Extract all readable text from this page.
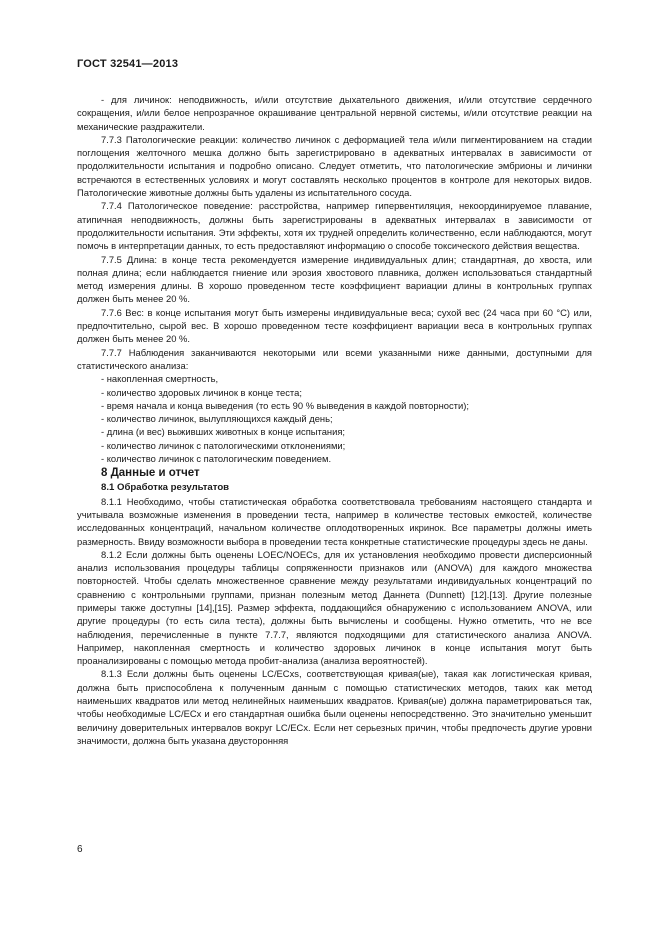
ГОСТ 32541—2013

- для личинок: неподвижность, и/или отсутствие дыхательного движения, и/или отсутствие сердечного сокращения, и/или белое непрозрачное окрашивание центральной нервной системы, и/или отсутствие реакции на механические раздражители.

7.7.3 Патологические реакции: количество личинок с деформацией тела и/или пигментированием на стадии поглощения желточного мешка должно быть зарегистрировано в адекватных интервалах в зависимости от продолжительности испытания и подробно описано. Следует отметить, что патологические эмбрионы и личинки встречаются в естественных условиях и могут составлять несколько процентов в контроле для некоторых видов. Патологические животные должны быть удалены из испытательного сосуда.

7.7.4 Патологическое поведение: расстройства, например гипервентиляция, некоординируемое плавание, атипичная неподвижность, должны быть зарегистрированы в адекватных интервалах в зависимости от продолжительности испытания. Эти эффекты, хотя их трудней определить количественно, если наблюдаются, могут помочь в интерпретации данных, то есть предоставляют информацию о способе токсического действия вещества.

7.7.5 Длина: в конце теста рекомендуется измерение индивидуальных длин; стандартная, до хвоста, или полная длина; если наблюдается гниение или эрозия хвостового плавника, должен использоваться стандартный метод измерения длины. В хорошо проведенном тесте коэффициент вариации длины в контрольных группах должен быть менее 20 %.

7.7.6 Вес: в конце испытания могут быть измерены индивидуальные веса; сухой вес (24 часа при 60 °С) или, предпочтительно, сырой вес. В хорошо проведенном тесте коэффициент вариации веса в контрольных группах должен быть менее 20 %.

7.7.7 Наблюдения заканчиваются некоторыми или всеми указанными ниже данными, доступными для статистического анализа:

- накопленная смертность,
- количество здоровых личинок в конце теста;
- время начала и конца выведения (то есть 90 % выведения в каждой повторности);
- количество личинок, вылупляющихся каждый день;
- длина (и вес) выживших животных в конце испытания;
- количество личинок с патологическими отклонениями;
- количество личинок с патологическим поведением.

8 Данные и отчет

8.1 Обработка результатов

8.1.1 Необходимо, чтобы статистическая обработка соответствовала требованиям настоящего стандарта и учитывала возможные изменения в проведении теста, например в количестве тестовых емкостей, количестве исследованных концентраций, начальном количестве оплодотворенных икринок. Все параметры должны иметь размерность. Ввиду возможности выбора в проведении теста конкретные статистические процедуры здесь не даны.

8.1.2 Если должны быть оценены LOEC/NOECs, для их установления необходимо провести дисперсионный анализ использования процедуры таблицы сопряженности признаков или (ANOVA) для каждого множества повторностей. Чтобы сделать множественное сравнение между результатами индивидуальных концентраций по сравнению с контрольными группами, признан полезным метод Даннета (Dunnett) [12].[13]. Другие полезные примеры также доступны [14],[15]. Размер эффекта, поддающийся обнаружению с использованием ANOVA, или другие процедуры (то есть сила теста), должны быть вычислены и сообщены. Нужно отметить, что не все наблюдения, перечисленные в пункте 7.7.7, являются подходящими для статистического анализа ANOVA. Например, накопленная смертность и количество здоровых личинок в конце испытания могут быть проанализированы с помощью метода пробит-анализа (анализа вероятностей).

8.1.3 Если должны быть оценены LC/ECxs, соответствующая кривая(ые), такая как логистическая кривая, должна быть приспособлена к полученным данным с помощью статистических методов, таких как метод наименьших квадратов или метод нелинейных наименьших квадратов. Кривая(ые) должна параметрироваться так, чтобы необходимые LC/ECx и его стандартная ошибка были оценены непосредственно. Это значительно уменьшит величину доверительных интервалов вокруг LC/ECx. Если нет серьезных причин, чтобы предпочесть другие уровни значимости, должна быть указана двусторонняя

6
